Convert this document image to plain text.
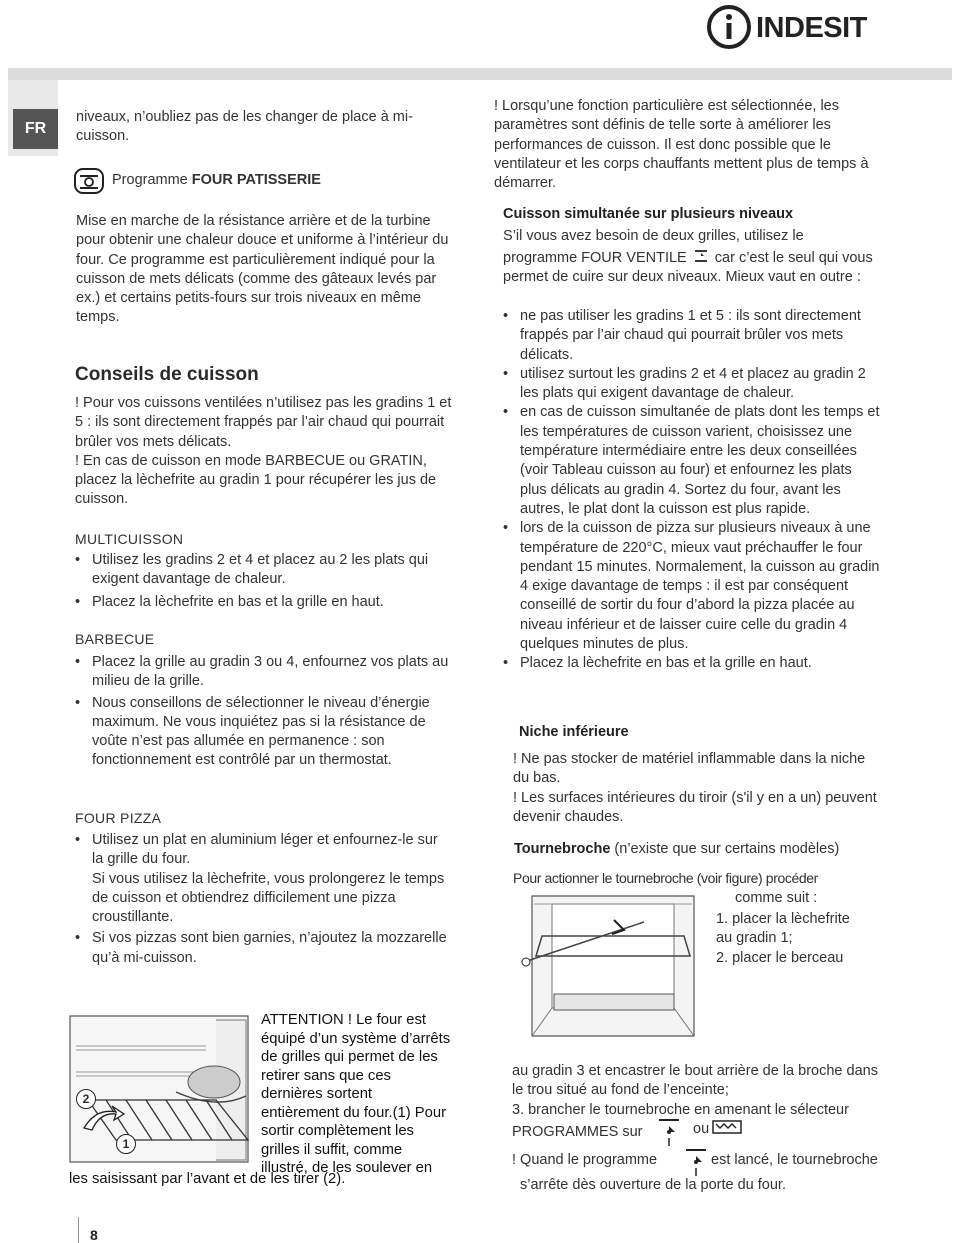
INDESIT
FR
niveaux, n’oubliez pas de les changer de place à mi-cuisson.
Programme FOUR PATISSERIE
Mise en marche de la résistance arrière et de la turbine pour obtenir une chaleur douce et uniforme à l’intérieur du four. Ce programme est particulièrement indiqué pour la cuisson de mets délicats (comme des gâteaux levés par ex.) et certains petits-fours sur trois niveaux en même temps.
Conseils de cuisson

! Pour vos cuissons ventilées n’utilisez pas les gradins 1 et 5 : ils sont directement frappés par l’air chaud qui pourrait brûler vos mets délicats.

! En cas de cuisson en mode BARBECUE ou GRATIN, placez la lèchefrite au gradin 1 pour récupérer les jus de cuisson.

MULTICUISSON
• Utilisez les gradins 2 et 4 et placez au 2 les plats qui exigent davantage de chaleur.
• Placez la lèchefrite en bas et la grille en haut.
BARBECUE
• Placez la grille au gradin 3 ou 4, enfournez vos plats au milieu de la grille.
• Nous conseillons de sélectionner le niveau d’énergie maximum. Ne vous inquiétez pas si la résistance de voûte n’est pas allumée en permanence : son fonctionnement est contrôlé par un thermostat.
FOUR PIZZA
• Utilisez un plat en aluminium léger et enfournez-le sur la grille du four.
Si vous utilisez la lèchefrite, vous prolongerez le temps de cuisson et obtiendrez difficilement une pizza croustillante.
• Si vos pizzas sont bien garnies, n’ajoutez la mozzarelle qu’à mi-cuisson.
2
1
ATTENTION ! Le four est équipé d’un système d’arrêts de grilles qui permet de les retirer sans que ces dernières sortent entièrement du four.(1) Pour sortir complètement les grilles il suffit, comme illustré, de les soulever en
les saisissant par l’avant et de les tirer (2).
! Lorsqu’une fonction particulière est sélectionnée, les paramètres sont définis de telle sorte à améliorer les performances de cuisson. Il est donc possible que le ventilateur et les corps chauffants mettent plus de temps à démarrer.
Cuisson simultanée sur plusieurs niveaux
S’il vous avez besoin de deux grilles, utilisez le
programme FOUR VENTILE car c’est le seul qui vous permet de cuire sur deux niveaux. Mieux vaut en outre :
• ne pas utiliser les gradins 1 et 5 : ils sont directement frappés par l’air chaud qui pourrait brûler vos mets délicats.
• utilisez surtout les gradins 2 et 4 et placez au gradin 2 les plats qui exigent davantage de chaleur.
• en cas de cuisson simultanée de plats dont les temps et les températures de cuisson varient, choisissez une température intermédiaire entre les deux conseillées (voir Tableau cuisson au four) et enfournez les plats plus délicats au gradin 4. Sortez du four, avant les autres, le plat dont la cuisson est plus rapide.
• lors de la cuisson de pizza sur plusieurs niveaux à une température de 220°C, mieux vaut préchauffer le four pendant 15 minutes. Normalement, la cuisson au gradin 4 exige davantage de temps : il est par conséquent conseillé de sortir du four d’abord la pizza placée au niveau inférieur et de laisser cuire celle du gradin 4 quelques minutes de plus.
• Placez la lèchefrite en bas et la grille en haut.
Niche inférieure

! Ne pas stocker de matériel inflammable dans la niche du bas.

! Les surfaces intérieures du tiroir (s'il y en a un) peuvent devenir chaudes.

Tournebroche (n’existe que sur certains modèles)
Pour actionner le tournebroche (voir figure) procéder
comme suit :
1. placer la lèchefrite
au gradin 1;
2. placer le berceau
au gradin 3 et encastrer le bout arrière de la broche dans le trou situé au fond de l’enceinte;
3. brancher le tournebroche en amenant le sélecteur
PROGRAMMES sur	ou
! Quand le programme	est lancé, le tournebroche
s’arrête dès ouverture de la porte du four.
8
